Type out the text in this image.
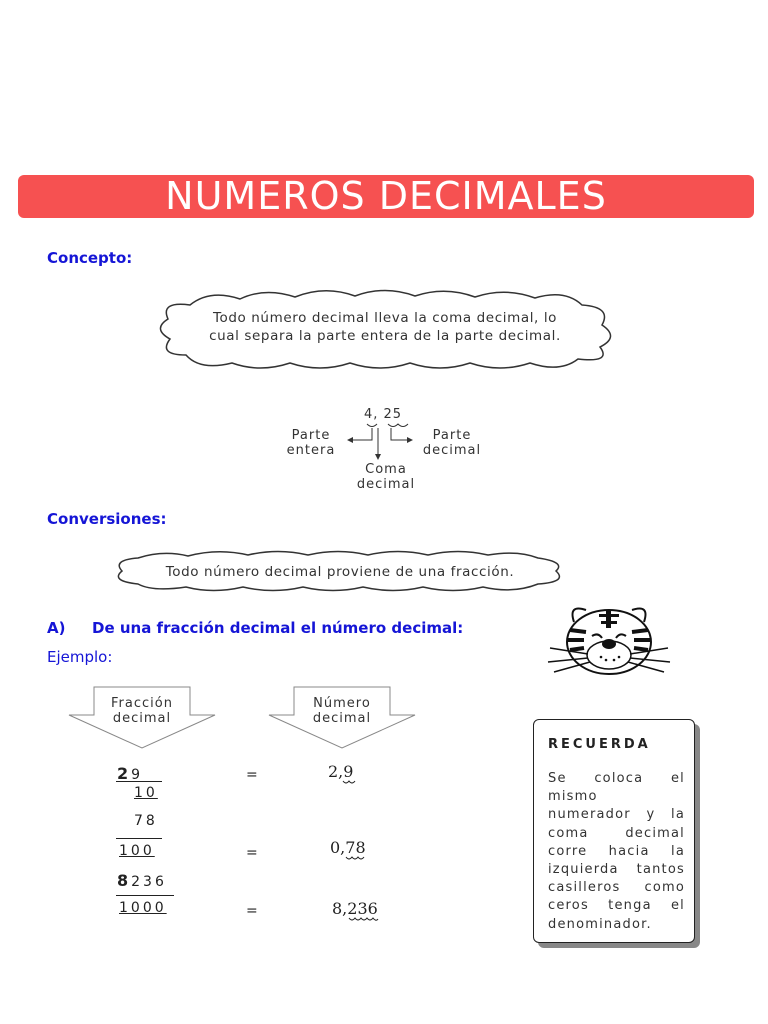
NUMEROS DECIMALES
Concepto:
Todo número decimal lleva la coma decimal, lo
cual separa la parte entera de la parte decimal.
4, 25
Parte
entera
Parte
decimal
Coma
decimal
Conversiones:
Todo número decimal proviene de una fracción.
A) De una fracción decimal el número decimal:
Ejemplo:
Fracción
decimal
Número
decimal
29
10
=	2,9
78
100	=	0,78
8236
1000	=	8,236
RECUERDA
Se coloca el mismo numerador y la coma decimal corre hacia la izquierda tantos casilleros como ceros tenga el denominador.
